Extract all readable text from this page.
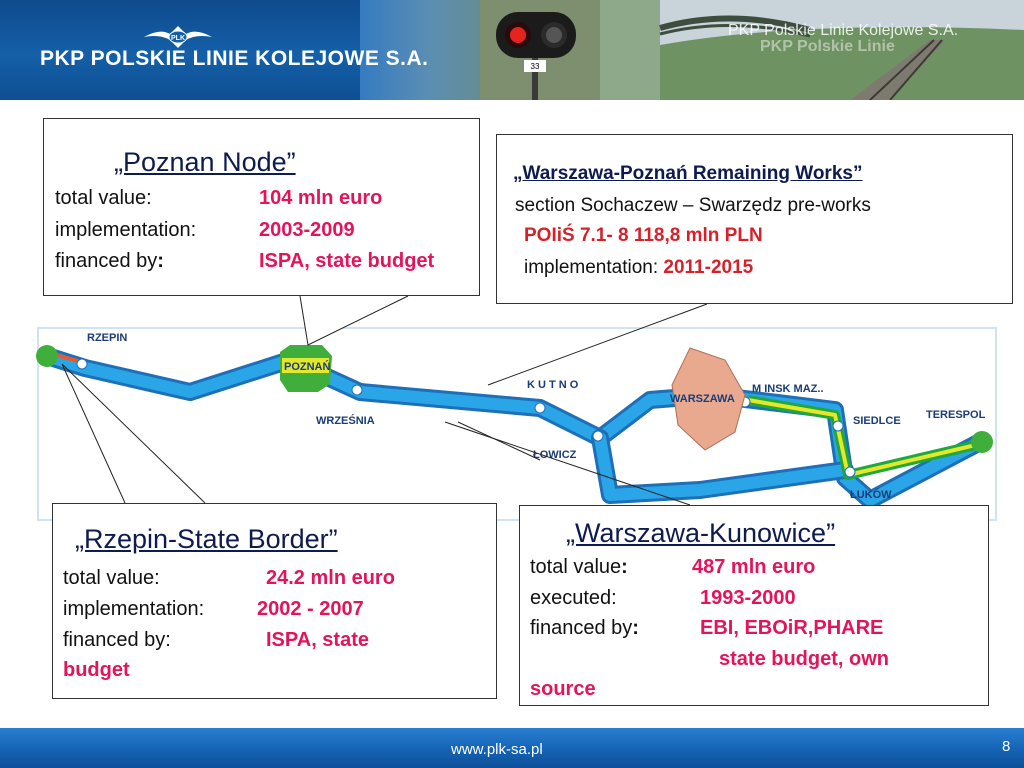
PLK
PKP POLSKIE LINIE KOLEJOWE S.A.	33
PKP Polskie Linie Kolejowe S.A.
PKP Polskie Linie
RZEPIN
POZNAŃ
WRZEŚNIA
K U T N O
ŁOWICZ
WARSZAWA
M INSK MAZ..
SIEDLCE TERESPOL
ŁUKÓW
„Poznan Node”
total value:	104 mln euro
implementation:	2003-2009
financed by:	ISPA, state budget
„Warszawa-Poznań Remaining Works”
section Sochaczew – Swarzędz pre-works
POIiŚ 7.1- 8 118,8 mln PLN
implementation: 2011-2015
„Rzepin-State Border”
total value:	24.2 mln euro
implementation:	2002 - 2007
financed by:	ISPA, state
budget
„Warszawa-Kunowice”
total value:	487 mln euro
executed:	1993-2000
financed by:	EBI, EBOiR,PHARE
state budget, own
source
www.plk-sa.pl	8
